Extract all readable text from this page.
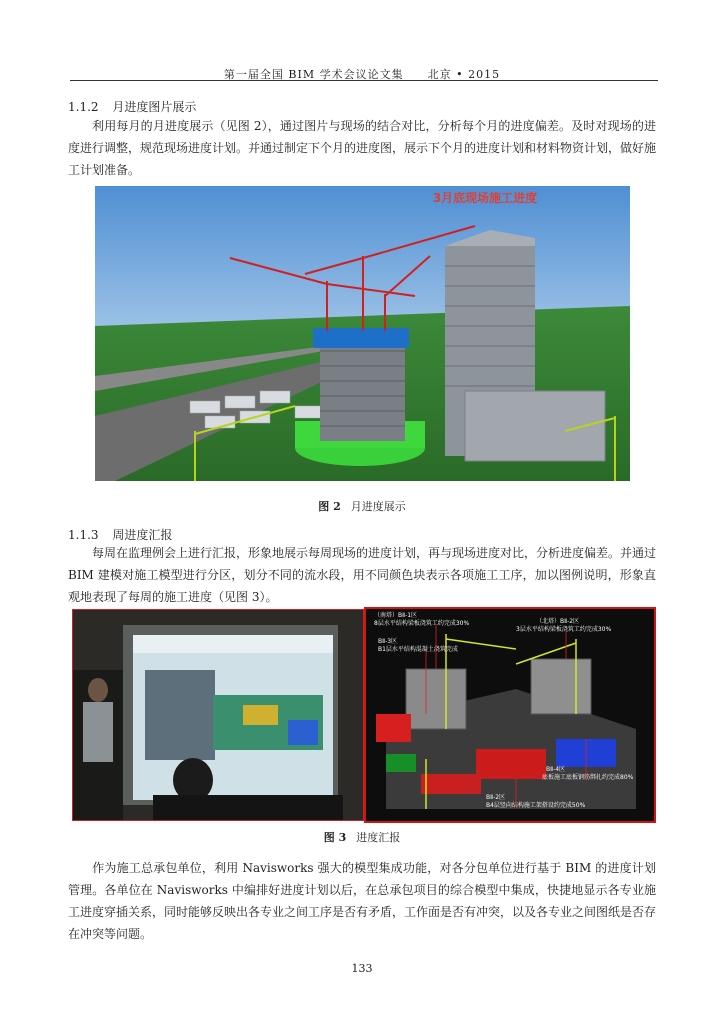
第一届全国 BIM 学术会议论文集　　北京 • 2015
1.1.2 月进度图片展示
利用每月的月进度展示（见图 2），通过图片与现场的结合对比，分析每个月的进度偏差。及时对现场的进度进行调整，规范现场进度计划。并通过制定下个月的进度图，展示下个月的进度计划和材料物资计划，做好施工计划准备。
3月底现场施工进度
图 2 月进度展示
1.1.3 周进度汇报
每周在监理例会上进行汇报，形象地展示每周现场的进度计划，再与现场进度对比，分析进度偏差。并通过 BIM 建模对施工模型进行分区，划分不同的流水段，用不同颜色块表示各项施工工序，加以图例说明，形象直观地表现了每周的施工进度（见图 3）。
（南塔）BⅡ-1区
8层水平结构梁板浇筑工约完成30%
BⅡ-3区
B1层水平结构混凝土浇筑完成
（北塔）BⅡ-2区
3层水平结构梁板浇筑工约完成30%
BⅡ-4区
底板施工底板钢筋绑扎约完成80%
BⅡ-2区
B4层竖向结构施工架搭设约完成50%
图 3 进度汇报
作为施工总承包单位，利用 Navisworks 强大的模型集成功能，对各分包单位进行基于 BIM 的进度计划管理。各单位在 Navisworks 中编排好进度计划以后，在总承包项目的综合模型中集成，快捷地显示各专业施工进度穿插关系，同时能够反映出各专业之间工序是否有矛盾，工作面是否有冲突，以及各专业之间图纸是否存在冲突等问题。
133
